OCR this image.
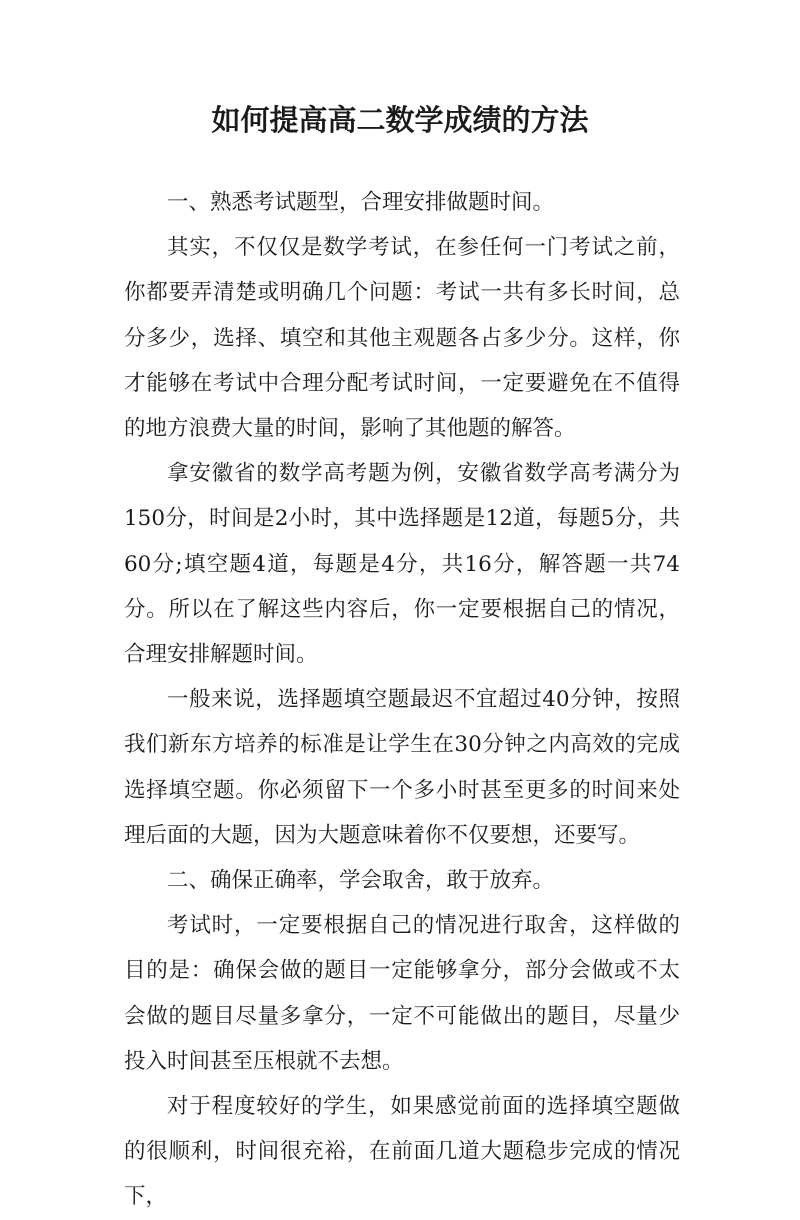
如何提高高二数学成绩的方法

一、熟悉考试题型，合理安排做题时间。

其实，不仅仅是数学考试，在参任何一门考试之前，你都要弄清楚或明确几个问题：考试一共有多长时间，总分多少，选择、填空和其他主观题各占多少分。这样，你才能够在考试中合理分配考试时间，一定要避免在不值得的地方浪费大量的时间，影响了其他题的解答。

拿安徽省的数学高考题为例，安徽省数学高考满分为150分，时间是2小时，其中选择题是12道，每题5分，共60分;填空题4道，每题是4分，共16分，解答题一共74分。所以在了解这些内容后，你一定要根据自己的情况，合理安排解题时间。

一般来说，选择题填空题最迟不宜超过40分钟，按照我们新东方培养的标准是让学生在30分钟之内高效的完成选择填空题。你必须留下一个多小时甚至更多的时间来处理后面的大题，因为大题意味着你不仅要想，还要写。

二、确保正确率，学会取舍，敢于放弃。

考试时，一定要根据自己的情况进行取舍，这样做的目的是：确保会做的题目一定能够拿分，部分会做或不太会做的题目尽量多拿分，一定不可能做出的题目，尽量少投入时间甚至压根就不去想。

对于程度较好的学生，如果感觉前面的选择填空题做的很顺利，时间很充裕，在前面几道大题稳步完成的情况下，
